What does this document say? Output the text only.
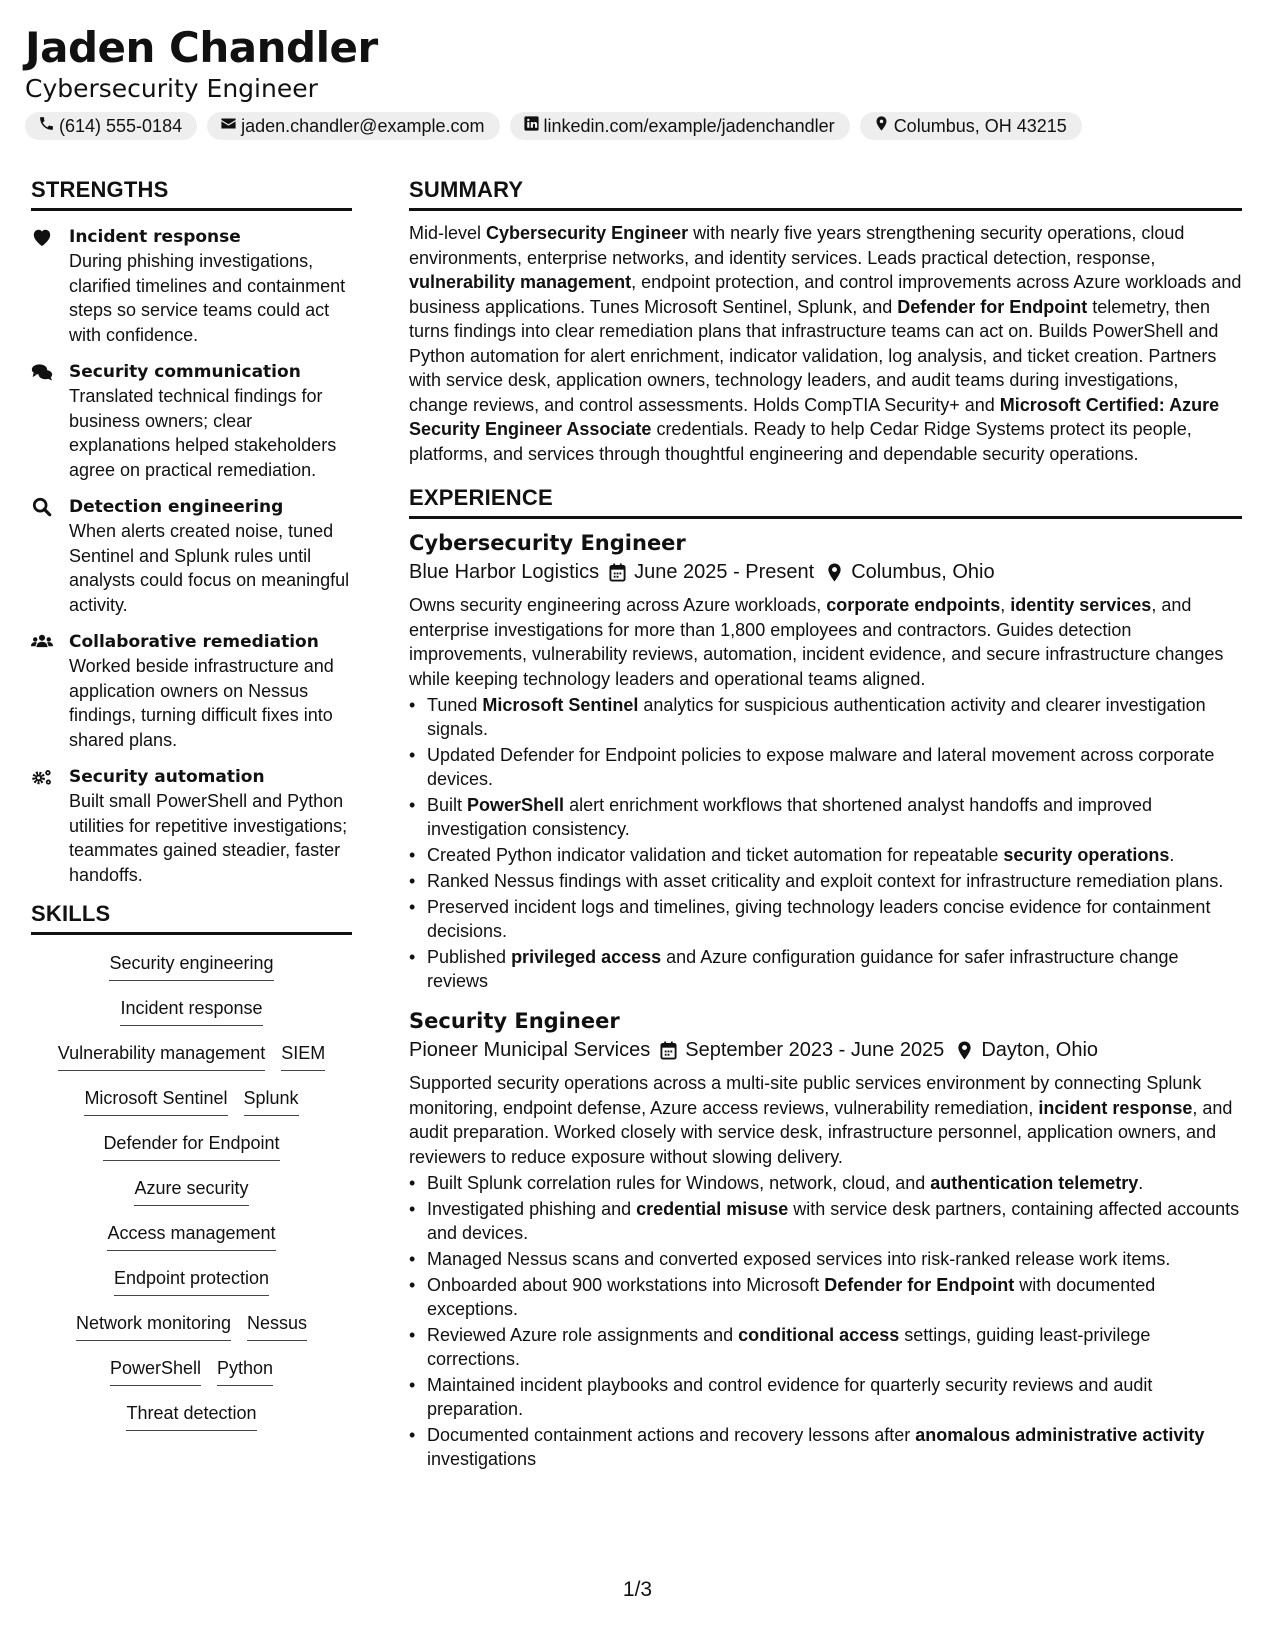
Jaden Chandler
Cybersecurity Engineer
(614) 555-0184	jaden.chandler@example.com	linkedin.com/example/jadenchandler	Columbus, OH 43215
STRENGTHS
Incident response
During phishing investigations, clarified timelines and containment steps so service teams could act with confidence.
Security communication
Translated technical findings for business owners; clear explanations helped stakeholders agree on practical remediation.
Detection engineering
When alerts created noise, tuned Sentinel and Splunk rules until analysts could focus on meaningful activity.
Collaborative remediation
Worked beside infrastructure and application owners on Nessus findings, turning difficult fixes into shared plans.
Security automation
Built small PowerShell and Python utilities for repetitive investigations; teammates gained steadier, faster handoffs.
SKILLS
Security engineering
Incident response
Vulnerability management SIEM
Microsoft Sentinel Splunk
Defender for Endpoint
Azure security
Access management
Endpoint protection
Network monitoring Nessus
PowerShell Python
Threat detection
SUMMARY
Mid-level Cybersecurity Engineer with nearly five years strengthening security operations, cloud environments, enterprise networks, and identity services. Leads practical detection, response, vulnerability management, endpoint protection, and control improvements across Azure workloads and business applications. Tunes Microsoft Sentinel, Splunk, and Defender for Endpoint telemetry, then turns findings into clear remediation plans that infrastructure teams can act on. Builds PowerShell and Python automation for alert enrichment, indicator validation, log analysis, and ticket creation. Partners with service desk, application owners, technology leaders, and audit teams during investigations, change reviews, and control assessments. Holds CompTIA Security+ and Microsoft Certified: Azure Security Engineer Associate credentials. Ready to help Cedar Ridge Systems protect its people, platforms, and services through thoughtful engineering and dependable security operations.
EXPERIENCE
Cybersecurity Engineer
Blue Harbor Logistics June 2025 - Present Columbus, Ohio
Owns security engineering across Azure workloads, corporate endpoints, identity services, and enterprise investigations for more than 1,800 employees and contractors. Guides detection improvements, vulnerability reviews, automation, incident evidence, and secure infrastructure changes while keeping technology leaders and operational teams aligned.
• Tuned Microsoft Sentinel analytics for suspicious authentication activity and clearer investigation signals.
• Updated Defender for Endpoint policies to expose malware and lateral movement across corporate devices.
• Built PowerShell alert enrichment workflows that shortened analyst handoffs and improved investigation consistency.
• Created Python indicator validation and ticket automation for repeatable security operations.
• Ranked Nessus findings with asset criticality and exploit context for infrastructure remediation plans.
• Preserved incident logs and timelines, giving technology leaders concise evidence for containment decisions.
• Published privileged access and Azure configuration guidance for safer infrastructure change reviews
Security Engineer
Pioneer Municipal Services September 2023 - June 2025 Dayton, Ohio
Supported security operations across a multi-site public services environment by connecting Splunk monitoring, endpoint defense, Azure access reviews, vulnerability remediation, incident response, and audit preparation. Worked closely with service desk, infrastructure personnel, application owners, and reviewers to reduce exposure without slowing delivery.
• Built Splunk correlation rules for Windows, network, cloud, and authentication telemetry.
• Investigated phishing and credential misuse with service desk partners, containing affected accounts and devices.
• Managed Nessus scans and converted exposed services into risk-ranked release work items.
• Onboarded about 900 workstations into Microsoft Defender for Endpoint with documented exceptions.
• Reviewed Azure role assignments and conditional access settings, guiding least-privilege corrections.
• Maintained incident playbooks and control evidence for quarterly security reviews and audit preparation.
• Documented containment actions and recovery lessons after anomalous administrative activity investigations
1/3
